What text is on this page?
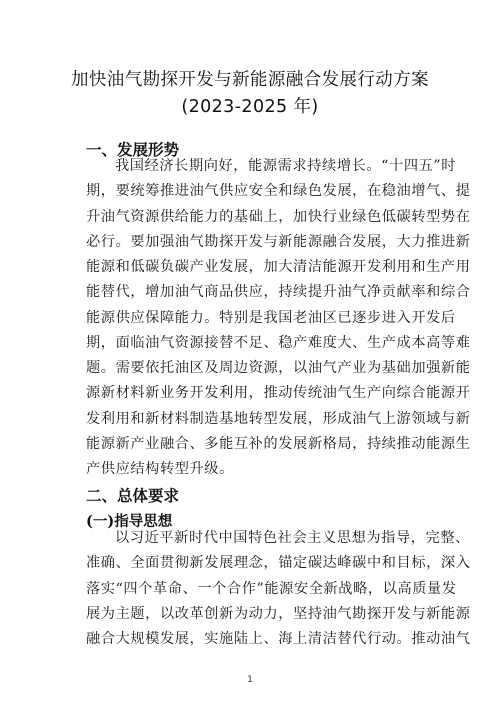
加快油气勘探开发与新能源融合发展行动方案
(2023-2025 年)
一、发展形势
我国经济长期向好，能源需求持续增长。“十四五”时
期，要统筹推进油气供应安全和绿色发展，在稳油增气、提
升油气资源供给能力的基础上，加快行业绿色低碳转型势在
必行。要加强油气勘探开发与新能源融合发展，大力推进新
能源和低碳负碳产业发展，加大清洁能源开发利用和生产用
能替代，增加油气商品供应，持续提升油气净贡献率和综合
能源供应保障能力。特别是我国老油区已逐步进入开发后
期，面临油气资源接替不足、稳产难度大、生产成本高等难
题。需要依托油区及周边资源，以油气产业为基础加强新能
源新材料新业务开发利用，推动传统油气生产向综合能源开
发利用和新材料制造基地转型发展，形成油气上游领域与新
能源新产业融合、多能互补的发展新格局，持续推动能源生
产供应结构转型升级。
二、总体要求
(一)指导思想
以习近平新时代中国特色社会主义思想为指导，完整、
准确、全面贯彻新发展理念，锚定碳达峰碳中和目标，深入
落实“四个革命、一个合作”能源安全新战略，以高质量发
展为主题，以改革创新为动力，坚持油气勘探开发与新能源
融合大规模发展，实施陆上、海上清洁替代行动。推动油气
1
